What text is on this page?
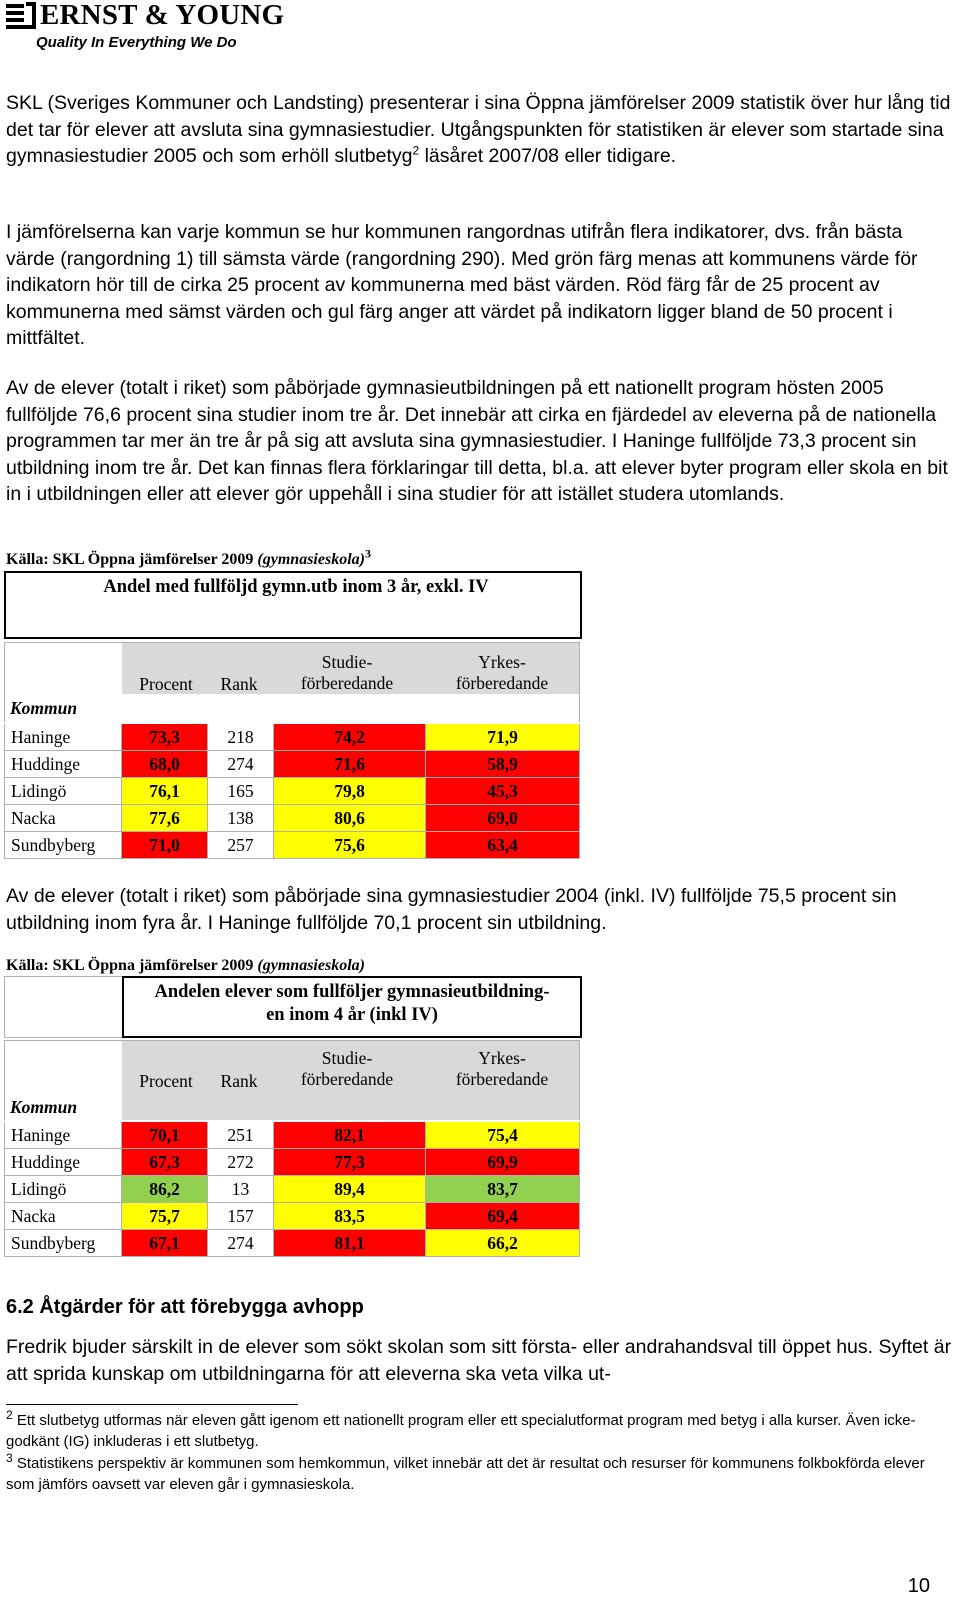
ERNST & YOUNG
Quality In Everything We Do

SKL (Sveriges Kommuner och Landsting) presenterar i sina Öppna jämförelser 2009 statistik över hur lång tid det tar för elever att avsluta sina gymnasiestudier. Utgångspunkten för statistiken är elever som startade sina gymnasiestudier 2005 och som erhöll slutbetyg$^2$ läsåret 2007/08 eller tidigare.

I jämförelserna kan varje kommun se hur kommunen rangordnas utifrån flera indikatorer, dvs. från bästa värde (rangordning 1) till sämsta värde (rangordning 290). Med grön färg menas att kommunens värde för indikatorn hör till de cirka 25 procent av kommunerna med bäst värden. Röd färg får de 25 procent av kommunerna med sämst värden och gul färg anger att värdet på indikatorn ligger bland de 50 procent i mittfältet.

Av de elever (totalt i riket) som påbörjade gymnasieutbildningen på ett nationellt program hösten 2005 fullföljde 76,6 procent sina studier inom tre år. Det innebär att cirka en fjärdedel av eleverna på de nationella programmen tar mer än tre år på sig att avsluta sina gymnasiestudier. I Haninge fullföljde 73,3 procent sin utbildning inom tre år. Det kan finnas flera förklaringar till detta, bl.a. att elever byter program eller skola en bit in i utbildningen eller att elever gör uppehåll i sina studier för att istället studera utomlands.

Källa: SKL Öppna jämförelser 2009 (gymnasieskola)$^3$
Andel med fullföljd gymn.utb inom 3 år, exkl. IV
Procent	Rank
Studie-
förberedande
Yrkes-
förberedande
Kommun
Haninge	73,3	218	74,2	71,9
Huddinge	68,0	274	71,6	58,9
Lidingö	76,1	165	79,8	45,3
Nacka	77,6	138	80,6	69,0
Sundbyberg	71,0	257	75,6	63,4

Av de elever (totalt i riket) som påbörjade sina gymnasiestudier 2004 (inkl. IV) fullföljde 75,5 procent sin utbildning inom fyra år. I Haninge fullföljde 70,1 procent sin utbildning.

Källa: SKL Öppna jämförelser 2009 (gymnasieskola)
Andelen elever som fullföljer gymnasieutbildning-
en inom 4 år (inkl IV)
Procent	Rank
Studie-
förberedande
Yrkes-
förberedande
Kommun
Haninge	70,1	251	82,1	75,4
Huddinge	67,3	272	77,3	69,9
Lidingö	86,2	13	89,4	83,7
Nacka	75,7	157	83,5	69,4
Sundbyberg	67,1	274	81,1	66,2
6.2 Åtgärder för att förebygga avhopp

Fredrik bjuder särskilt in de elever som sökt skolan som sitt första- eller andrahandsval till öppet hus. Syftet är att sprida kunskap om utbildningarna för att eleverna ska veta vilka ut-

$^2$ Ett slutbetyg utformas när eleven gått igenom ett nationellt program eller ett specialutformat program med betyg i alla kurser. Även icke-godkänt (IG) inkluderas i ett slutbetyg.

$^3$ Statistikens perspektiv är kommunen som hemkommun, vilket innebär att det är resultat och resurser för kommunens folkbokförda elever som jämförs oavsett var eleven går i gymnasieskola.

10
